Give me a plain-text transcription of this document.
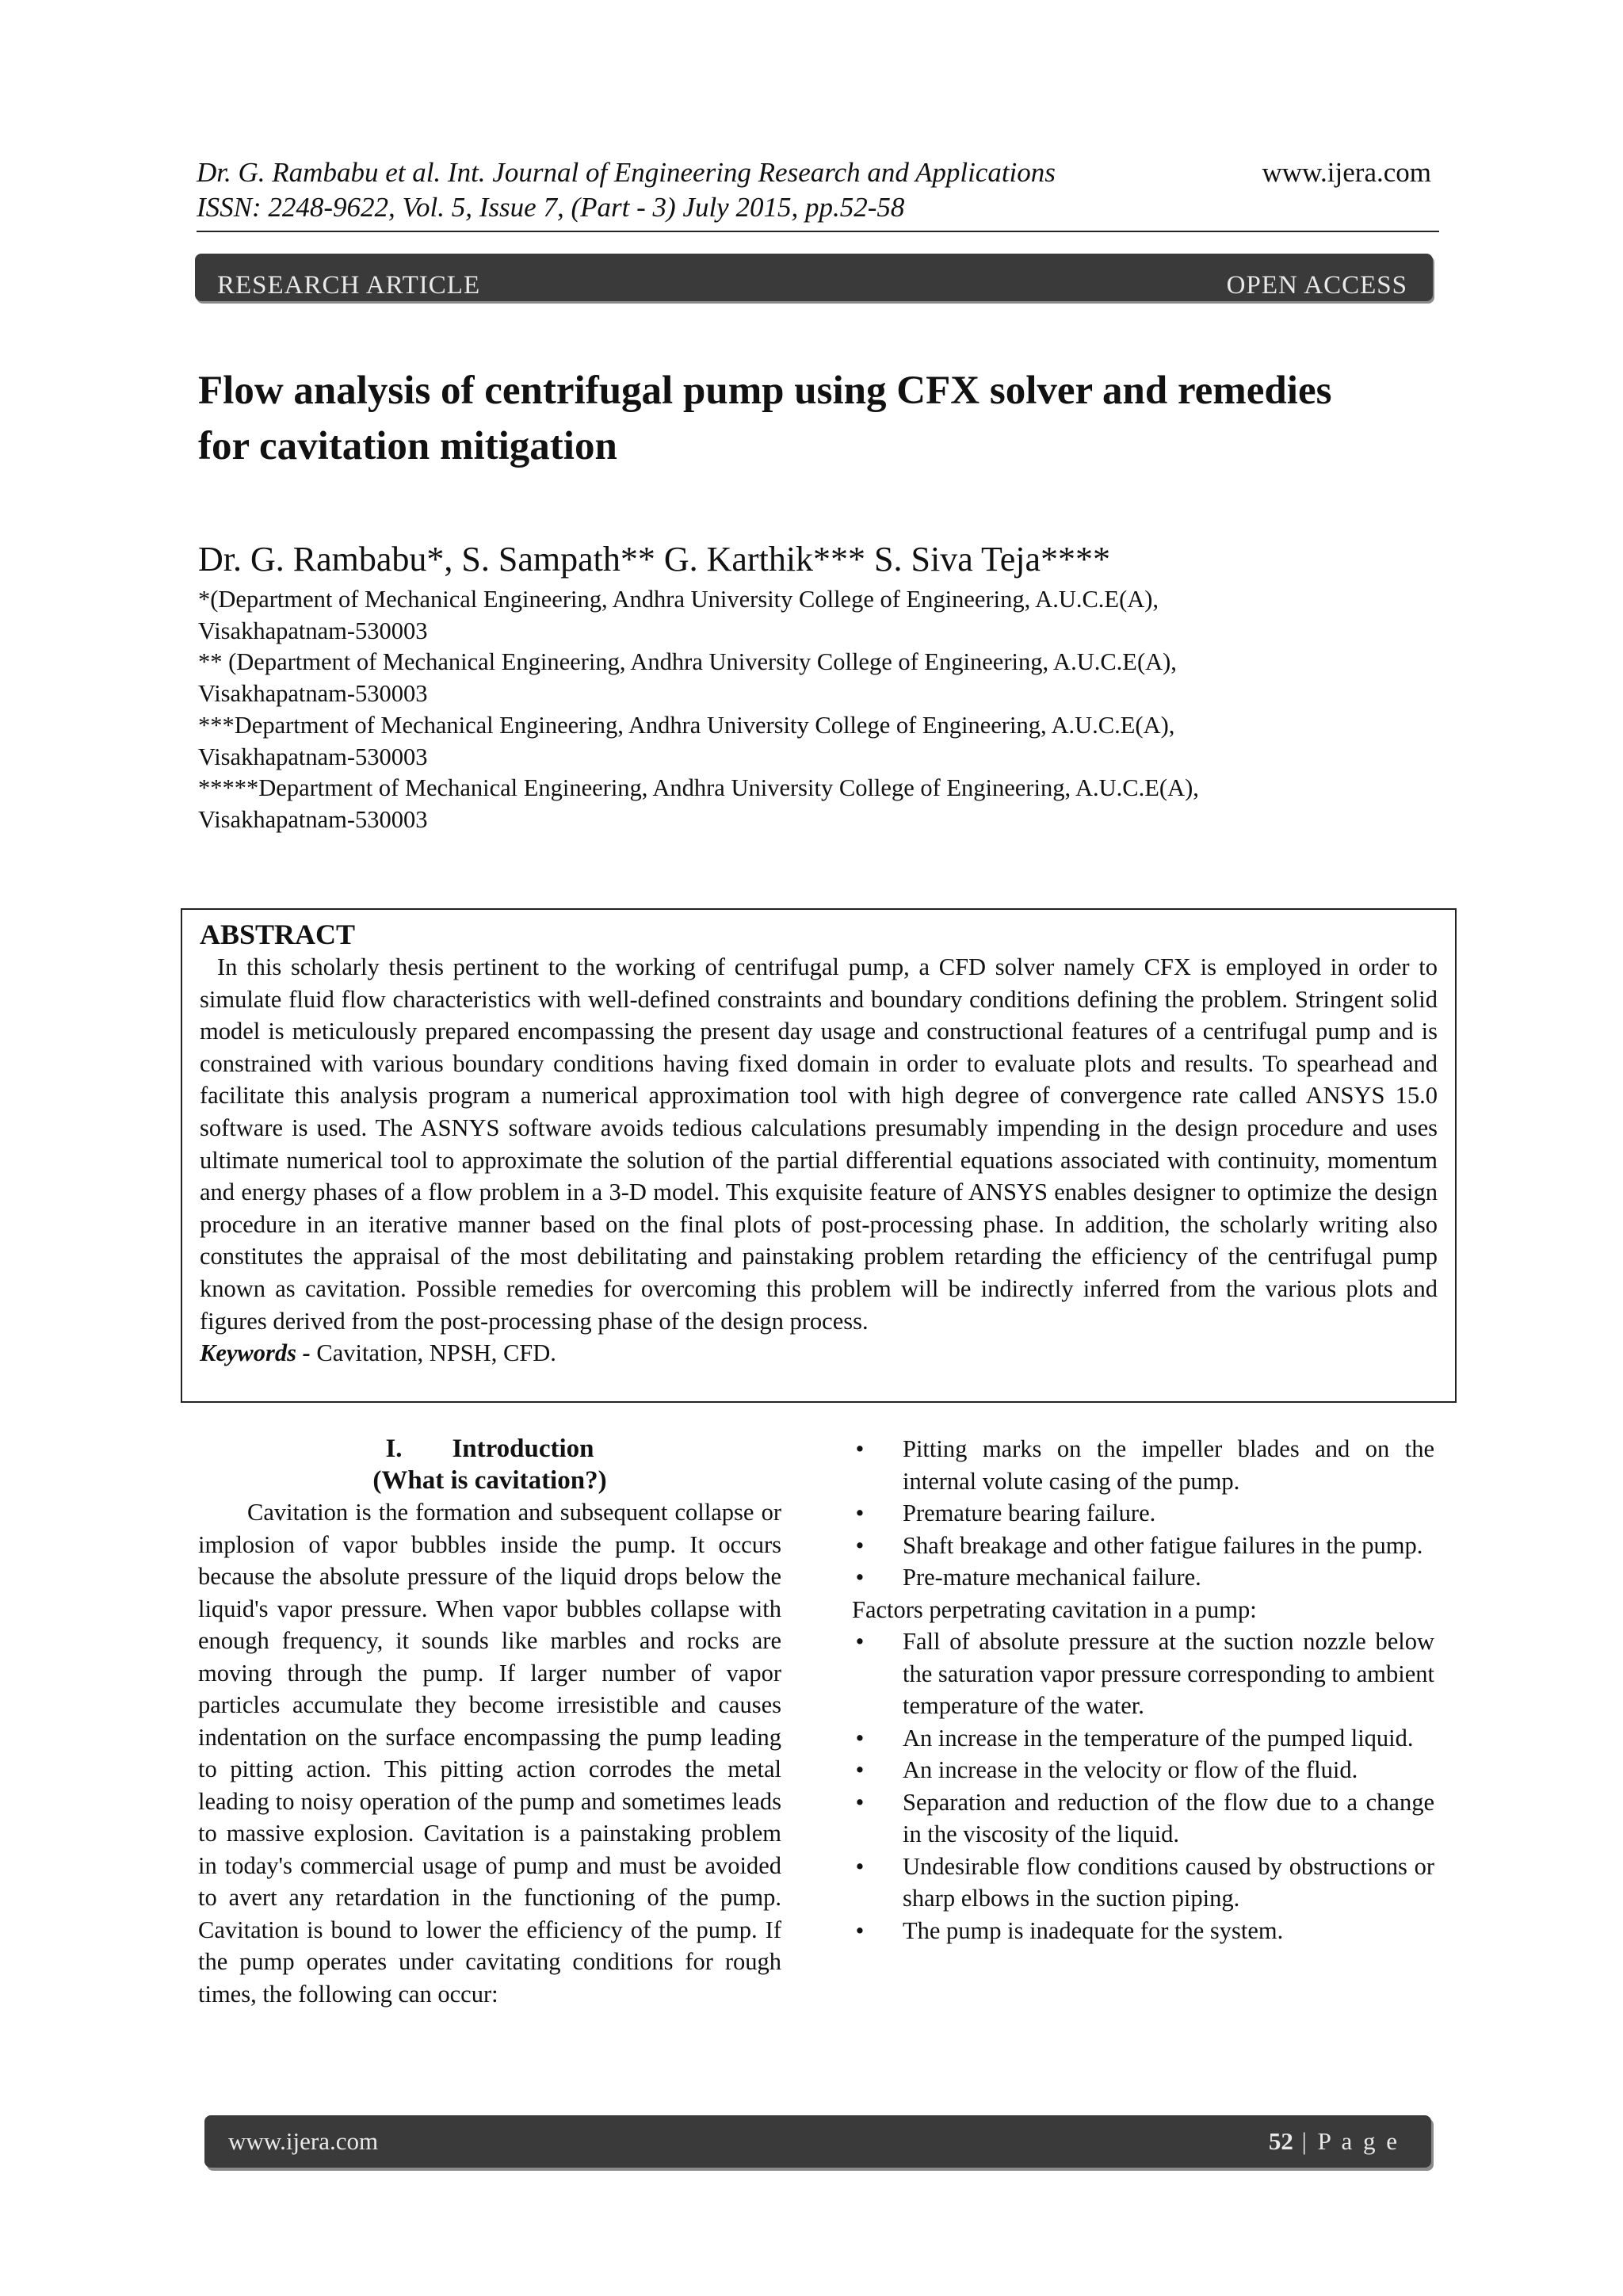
Dr. G. Rambabu et al. Int. Journal of Engineering Research and Applications
ISSN: 2248-9622, Vol. 5, Issue 7, (Part - 3) July 2015, pp.52-58
www.ijera.com
RESEARCH ARTICLE	OPEN ACCESS
Flow analysis of centrifugal pump using CFX solver and remedies
for cavitation mitigation
Dr. G. Rambabu*, S. Sampath** G. Karthik*** S. Siva Teja****
*(Department of Mechanical Engineering, Andhra University College of Engineering, A.U.C.E(A),
Visakhapatnam-530003
** (Department of Mechanical Engineering, Andhra University College of Engineering, A.U.C.E(A),
Visakhapatnam-530003
***Department of Mechanical Engineering, Andhra University College of Engineering, A.U.C.E(A),
Visakhapatnam-530003
*****Department of Mechanical Engineering, Andhra University College of Engineering, A.U.C.E(A),
Visakhapatnam-530003

ABSTRACT

In this scholarly thesis pertinent to the working of centrifugal pump, a CFD solver namely CFX is employed in order to simulate fluid flow characteristics with well-defined constraints and boundary conditions defining the problem. Stringent solid model is meticulously prepared encompassing the present day usage and constructional features of a centrifugal pump and is constrained with various boundary conditions having fixed domain in order to evaluate plots and results. To spearhead and facilitate this analysis program a numerical approximation tool with high degree of convergence rate called ANSYS 15.0 software is used. The ASNYS software avoids tedious calculations presumably impending in the design procedure and uses ultimate numerical tool to approximate the solution of the partial differential equations associated with continuity, momentum and energy phases of a flow problem in a 3-D model. This exquisite feature of ANSYS enables designer to optimize the design procedure in an iterative manner based on the final plots of post-processing phase. In addition, the scholarly writing also constitutes the appraisal of the most debilitating and painstaking problem retarding the efficiency of the centrifugal pump known as cavitation. Possible remedies for overcoming this problem will be indirectly inferred from the various plots and figures derived from the post-processing phase of the design process.

Keywords - Cavitation, NPSH, CFD.

I. Introduction
(What is cavitation?)

Cavitation is the formation and subsequent collapse or implosion of vapor bubbles inside the pump. It occurs because the absolute pressure of the liquid drops below the liquid's vapor pressure. When vapor bubbles collapse with enough frequency, it sounds like marbles and rocks are moving through the pump. If larger number of vapor particles accumulate they become irresistible and causes indentation on the surface encompassing the pump leading to pitting action. This pitting action corrodes the metal leading to noisy operation of the pump and sometimes leads to massive explosion. Cavitation is a painstaking problem in today's commercial usage of pump and must be avoided to avert any retardation in the functioning of the pump. Cavitation is bound to lower the efficiency of the pump. If the pump operates under cavitating conditions for rough times, the following can occur:

• Pitting marks on the impeller blades and on the internal volute casing of the pump.
• Premature bearing failure.
• Shaft breakage and other fatigue failures in the pump.
• Pre-mature mechanical failure.

Factors perpetrating cavitation in a pump:

• Fall of absolute pressure at the suction nozzle below the saturation vapor pressure corresponding to ambient temperature of the water.
• An increase in the temperature of the pumped liquid.
• An increase in the velocity or flow of the fluid.
• Separation and reduction of the flow due to a change in the viscosity of the liquid.
• Undesirable flow conditions caused by obstructions or sharp elbows in the suction piping.
• The pump is inadequate for the system.
www.ijera.com	52 | P a g e
